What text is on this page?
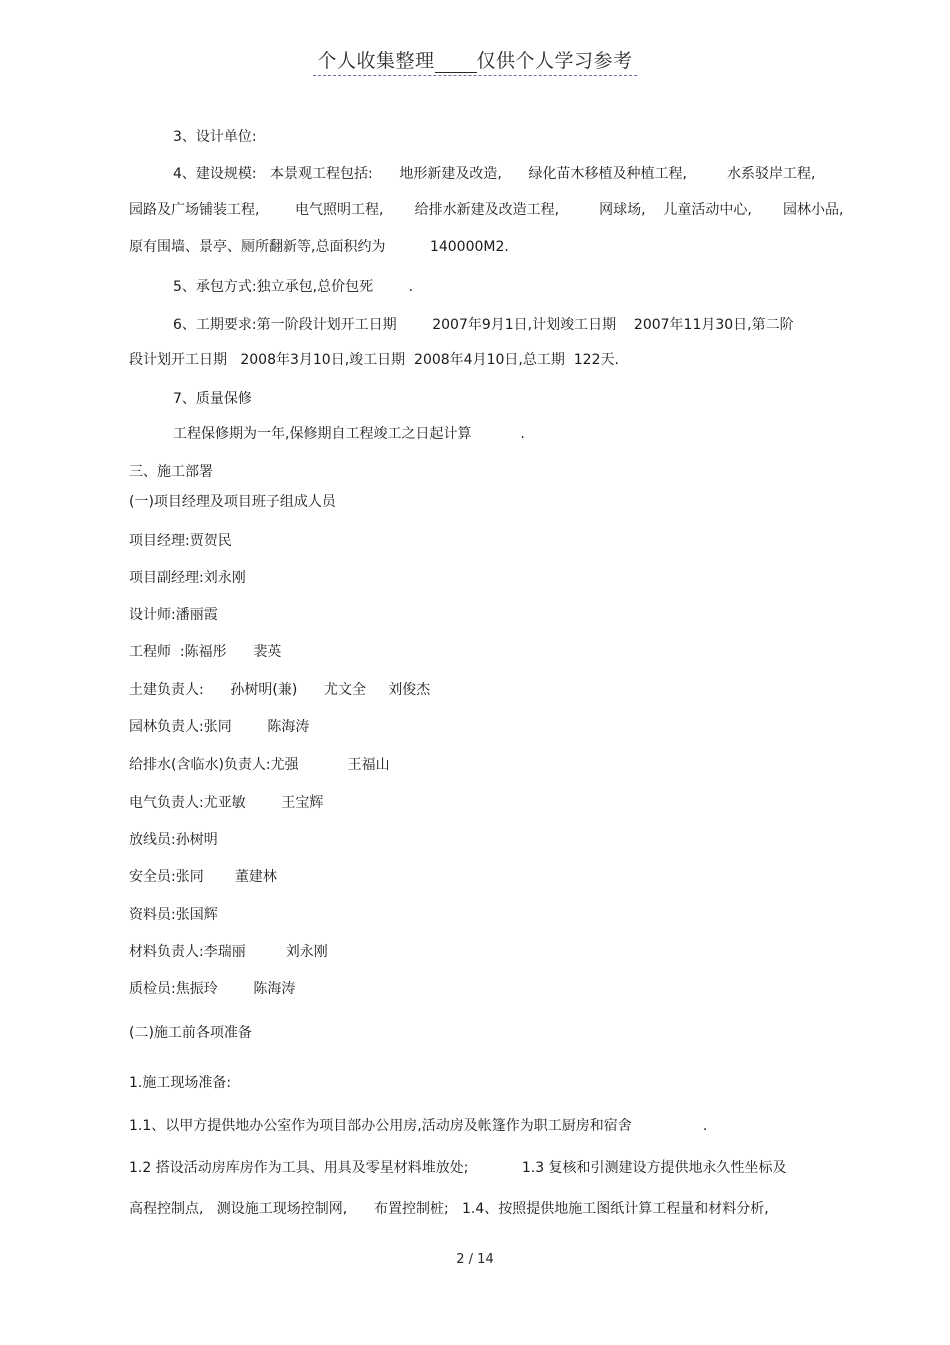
个人收集整理 仅供个人学习参考
3、设计单位:
4、建设规模:   本景观工程包括:      地形新建及改造,      绿化苗木移植及种植工程,         水系驳岸工程,
园路及广场铺装工程,        电气照明工程,       给排水新建及改造工程,         网球场,    儿童活动中心,       园林小品,
原有围墙、景亭、厕所翻新等,总面积约为          140000M2.
5、承包方式:独立承包,总价包死        .
6、工期要求:第一阶段计划开工日期        2007年9月1日,计划竣工日期    2007年11月30日,第二阶
段计划开工日期   2008年3月10日,竣工日期  2008年4月10日,总工期  122天.
7、质量保修
工程保修期为一年,保修期自工程竣工之日起计算           .
三、施工部署
(一)项目经理及项目班子组成人员
项目经理:贾贺民
项目副经理:刘永刚
设计师:潘丽霞
工程师  :陈福彤      裴英
土建负责人:      孙树明(兼)      尤文全     刘俊杰
园林负责人:张同        陈海涛
给排水(含临水)负责人:尤强           王福山
电气负责人:尤亚敏        王宝辉
放线员:孙树明
安全员:张同       董建林
资料员:张国辉
材料负责人:李瑞丽         刘永刚
质检员:焦振玲        陈海涛
(二)施工前各项准备
1.施工现场准备:
1.1、以甲方提供地办公室作为项目部办公用房,活动房及帐篷作为职工厨房和宿舍                .
1.2 搭设活动房库房作为工具、用具及零星材料堆放处;            1.3 复核和引测建设方提供地永久性坐标及
高程控制点,   测设施工现场控制网,      布置控制桩;   1.4、按照提供地施工图纸计算工程量和材料分析,
2 / 14
